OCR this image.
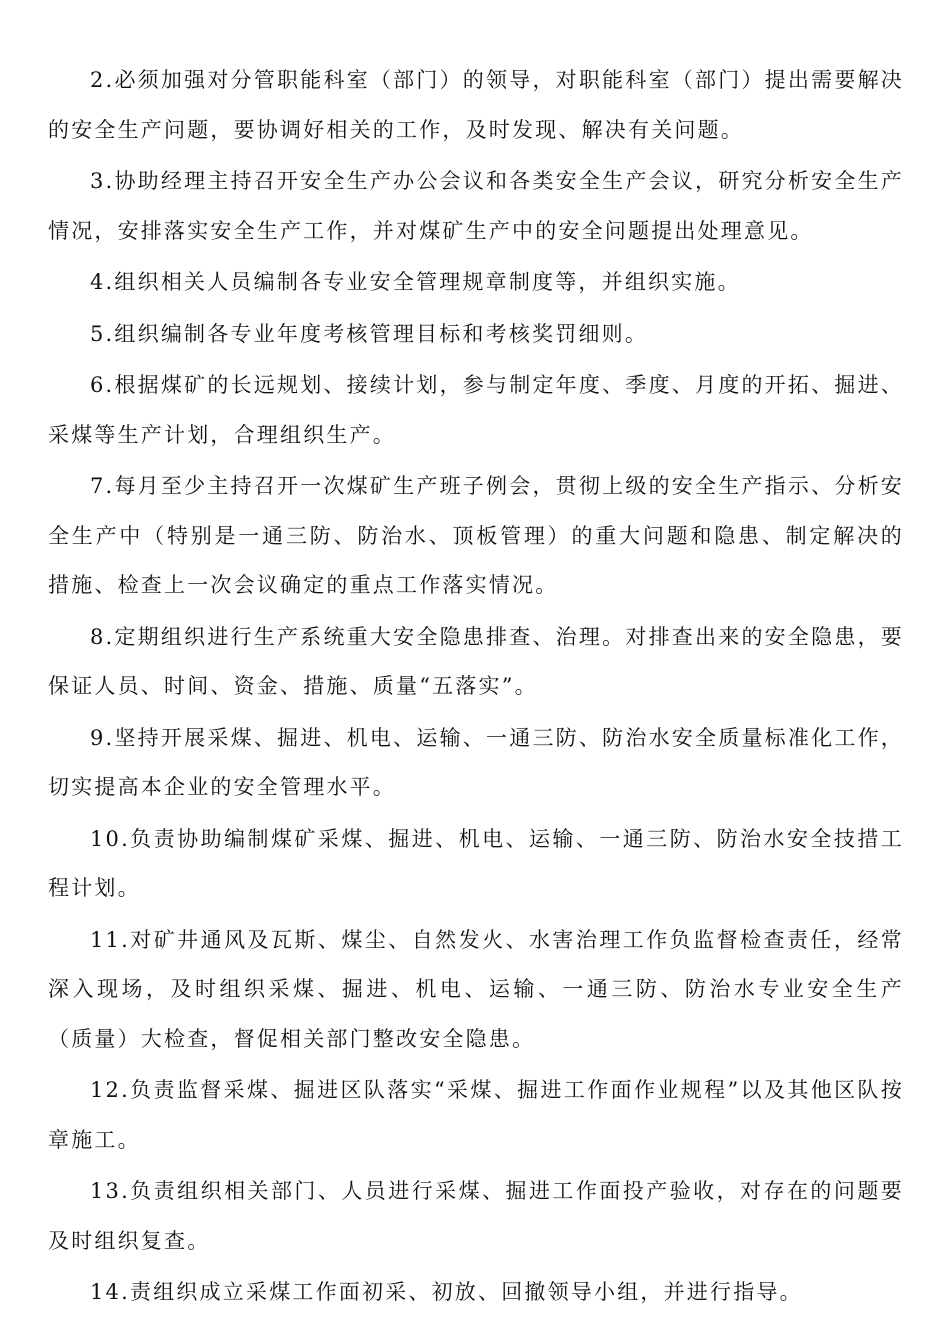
2.必须加强对分管职能科室（部门）的领导，对职能科室（部门）提出需要解决的安全生产问题，要协调好相关的工作，及时发现、解决有关问题。

3.协助经理主持召开安全生产办公会议和各类安全生产会议，研究分析安全生产情况，安排落实安全生产工作，并对煤矿生产中的安全问题提出处理意见。

4.组织相关人员编制各专业安全管理规章制度等，并组织实施。

5.组织编制各专业年度考核管理目标和考核奖罚细则。

6.根据煤矿的长远规划、接续计划，参与制定年度、季度、月度的开拓、掘进、采煤等生产计划，合理组织生产。

7.每月至少主持召开一次煤矿生产班子例会，贯彻上级的安全生产指示、分析安全生产中（特别是一通三防、防治水、顶板管理）的重大问题和隐患、制定解决的措施、检查上一次会议确定的重点工作落实情况。

8.定期组织进行生产系统重大安全隐患排查、治理。对排查出来的安全隐患，要保证人员、时间、资金、措施、质量“五落实”。

9.坚持开展采煤、掘进、机电、运输、一通三防、防治水安全质量标准化工作，切实提高本企业的安全管理水平。

10.负责协助编制煤矿采煤、掘进、机电、运输、一通三防、防治水安全技措工程计划。

11.对矿井通风及瓦斯、煤尘、自然发火、水害治理工作负监督检查责任，经常深入现场，及时组织采煤、掘进、机电、运输、一通三防、防治水专业安全生产（质量）大检查，督促相关部门整改安全隐患。

12.负责监督采煤、掘进区队落实“采煤、掘进工作面作业规程”以及其他区队按章施工。

13.负责组织相关部门、人员进行采煤、掘进工作面投产验收，对存在的问题要及时组织复查。

14.责组织成立采煤工作面初采、初放、回撤领导小组，并进行指导。
